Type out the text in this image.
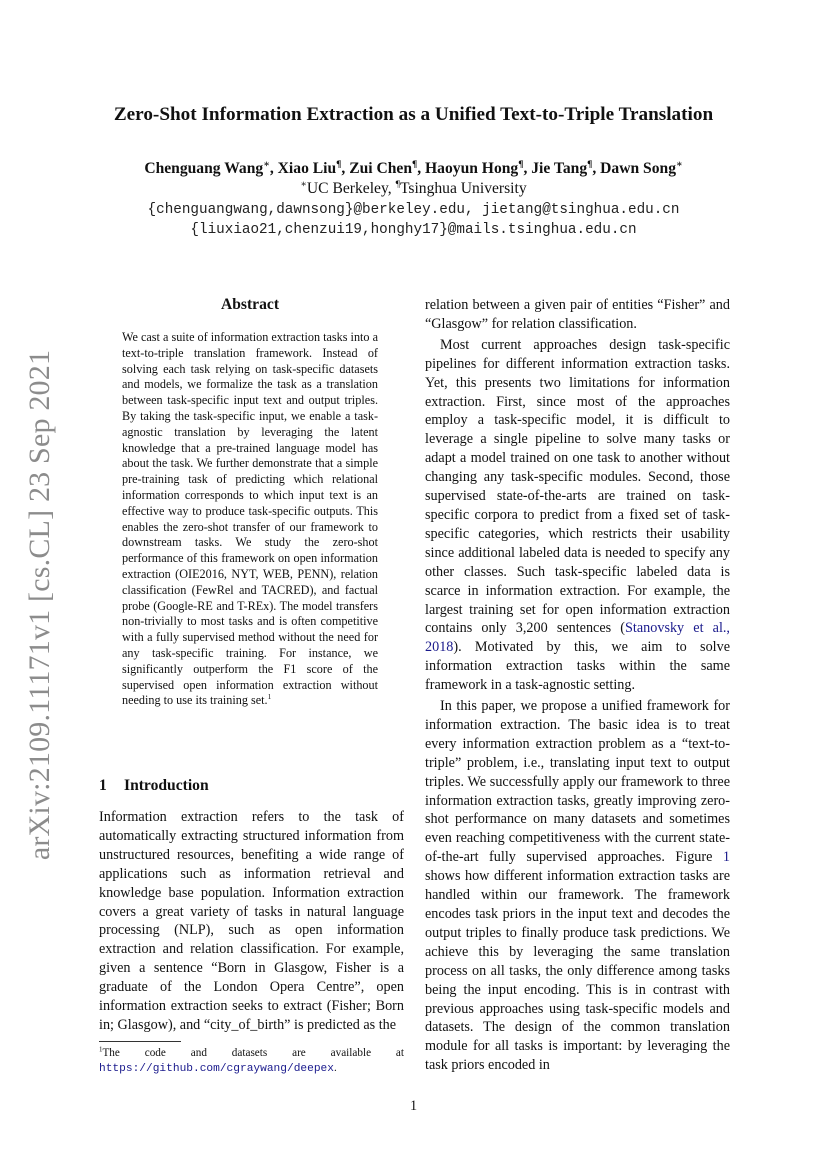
arXiv:2109.11171v1 [cs.CL] 23 Sep 2021
Zero-Shot Information Extraction as a Unified Text-to-Triple Translation
Chenguang Wang∗, Xiao Liu¶, Zui Chen¶, Haoyun Hong¶, Jie Tang¶, Dawn Song∗
∗UC Berkeley, ¶Tsinghua University
{chenguangwang,dawnsong}@berkeley.edu, jietang@tsinghua.edu.cn
{liuxiao21,chenzui19,honghy17}@mails.tsinghua.edu.cn
Abstract
We cast a suite of information extraction tasks into a text-to-triple translation framework. Instead of solving each task relying on task-specific datasets and models, we formalize the task as a translation between task-specific input text and output triples. By taking the task-specific input, we enable a task-agnostic translation by leveraging the latent knowledge that a pre-trained language model has about the task. We further demonstrate that a simple pre-training task of predicting which relational information corresponds to which input text is an effective way to produce task-specific outputs. This enables the zero-shot transfer of our framework to downstream tasks. We study the zero-shot performance of this framework on open information extraction (OIE2016, NYT, WEB, PENN), relation classification (FewRel and TACRED), and factual probe (Google-RE and T-REx). The model transfers non-trivially to most tasks and is often competitive with a fully supervised method without the need for any task-specific training. For instance, we significantly outperform the F1 score of the supervised open information extraction without needing to use its training set.$^1$
1 Introduction
Information extraction refers to the task of automatically extracting structured information from unstructured resources, benefiting a wide range of applications such as information retrieval and knowledge base population. Information extraction covers a great variety of tasks in natural language processing (NLP), such as open information extraction and relation classification. For example, given a sentence “Born in Glasgow, Fisher is a graduate of the London Opera Centre”, open information extraction seeks to extract (Fisher; Born in; Glasgow), and “city_of_birth” is predicted as the

relation between a given pair of entities “Fisher” and “Glasgow” for relation classification.

Most current approaches design task-specific pipelines for different information extraction tasks. Yet, this presents two limitations for information extraction. First, since most of the approaches employ a task-specific model, it is difficult to leverage a single pipeline to solve many tasks or adapt a model trained on one task to another without changing any task-specific modules. Second, those supervised state-of-the-arts are trained on task-specific corpora to predict from a fixed set of task-specific categories, which restricts their usability since additional labeled data is needed to specify any other classes. Such task-specific labeled data is scarce in information extraction. For example, the largest training set for open information extraction contains only 3,200 sentences (Stanovsky et al., 2018). Motivated by this, we aim to solve information extraction tasks within the same framework in a task-agnostic setting.

In this paper, we propose a unified framework for information extraction. The basic idea is to treat every information extraction problem as a “text-to-triple” problem, i.e., translating input text to output triples. We successfully apply our framework to three information extraction tasks, greatly improving zero-shot performance on many datasets and sometimes even reaching competitiveness with the current state-of-the-art fully supervised approaches. Figure 1 shows how different information extraction tasks are handled within our framework. The framework encodes task priors in the input text and decodes the output triples to finally produce task predictions. We achieve this by leveraging the same translation process on all tasks, the only difference among tasks being the input encoding. This is in contrast with previous approaches using task-specific models and datasets. The design of the common translation module for all tasks is important: by leveraging the task priors encoded in

$^1$The code and datasets are available at https://github.com/cgraywang/deepex.
1
